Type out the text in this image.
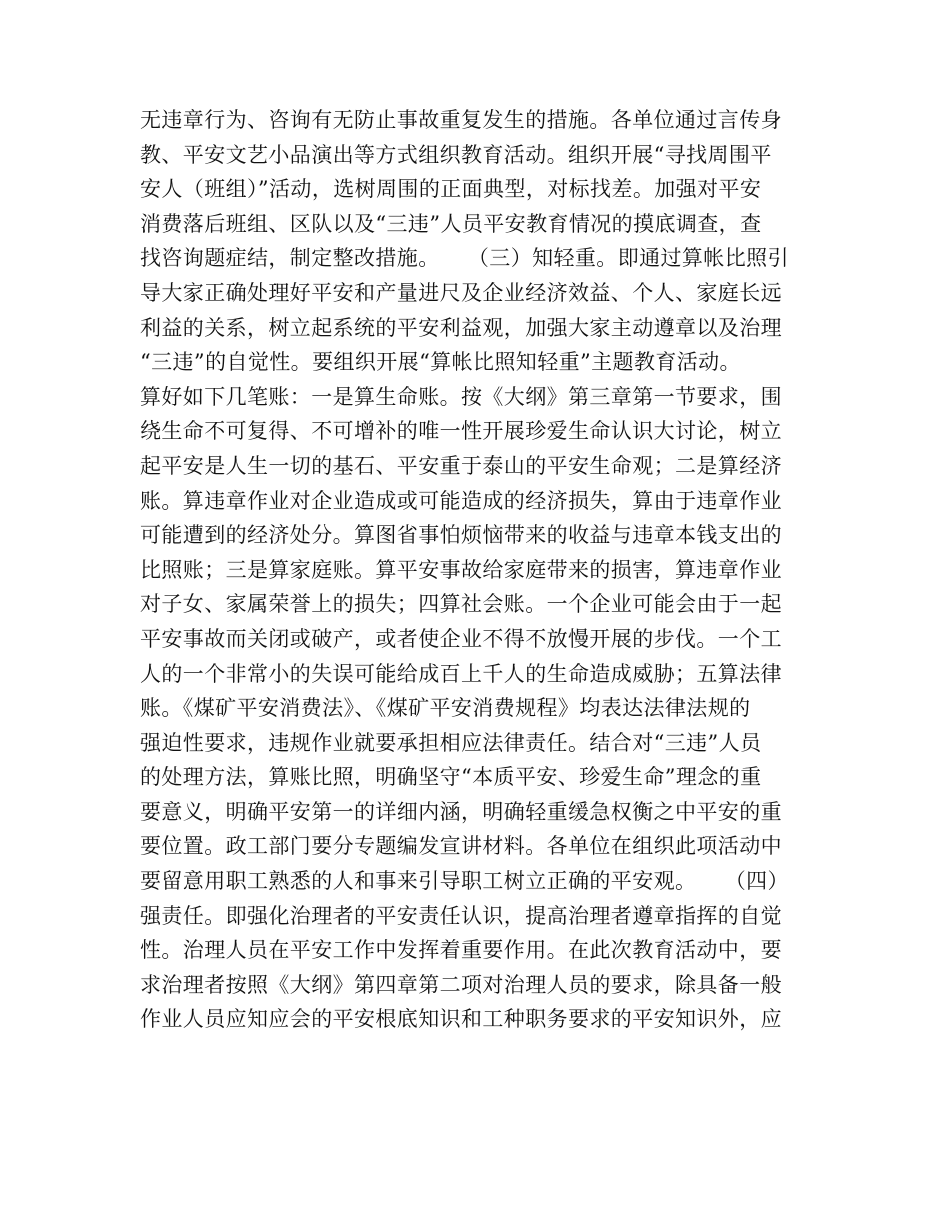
无违章行为、咨询有无防止事故重复发生的措施。各单位通过言传身
教、平安文艺小品演出等方式组织教育活动。组织开展“寻找周围平
安人（班组）”活动，选树周围的正面典型，对标找差。加强对平安
消费落后班组、区队以及“三违”人员平安教育情况的摸底调查，查
找咨询题症结，制定整改措施。    （三）知轻重。即通过算帐比照引
导大家正确处理好平安和产量进尺及企业经济效益、个人、家庭长远
利益的关系，树立起系统的平安利益观，加强大家主动遵章以及治理
“三违”的自觉性。要组织开展“算帐比照知轻重”主题教育活动。
算好如下几笔账：一是算生命账。按《大纲》第三章第一节要求，围
绕生命不可复得、不可增补的唯一性开展珍爱生命认识大讨论，树立
起平安是人生一切的基石、平安重于泰山的平安生命观；二是算经济
账。算违章作业对企业造成或可能造成的经济损失，算由于违章作业
可能遭到的经济处分。算图省事怕烦恼带来的收益与违章本钱支出的
比照账；三是算家庭账。算平安事故给家庭带来的损害，算违章作业
对子女、家属荣誉上的损失；四算社会账。一个企业可能会由于一起
平安事故而关闭或破产，或者使企业不得不放慢开展的步伐。一个工
人的一个非常小的失误可能给成百上千人的生命造成威胁；五算法律
账。《煤矿平安消费法》、《煤矿平安消费规程》均表达法律法规的
强迫性要求，违规作业就要承担相应法律责任。结合对“三违”人员
的处理方法，算账比照，明确坚守“本质平安、珍爱生命”理念的重
要意义，明确平安第一的详细内涵，明确轻重缓急权衡之中平安的重
要位置。政工部门要分专题编发宣讲材料。各单位在组织此项活动中
要留意用职工熟悉的人和事来引导职工树立正确的平安观。    （四）
强责任。即强化治理者的平安责任认识，提高治理者遵章指挥的自觉
性。治理人员在平安工作中发挥着重要作用。在此次教育活动中，要
求治理者按照《大纲》第四章第二项对治理人员的要求，除具备一般
作业人员应知应会的平安根底知识和工种职务要求的平安知识外，应
